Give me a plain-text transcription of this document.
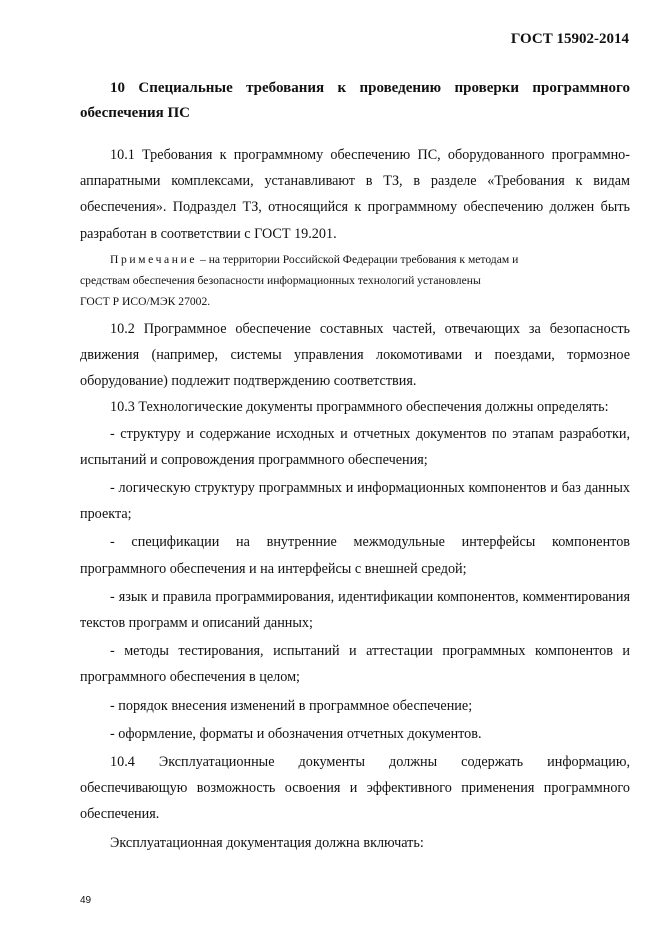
ГОСТ 15902-2014

10 Специальные требования к проведению проверки программного обеспечения ПС

10.1 Требования к программному обеспечению ПС, оборудованного программно-аппаратными комплексами, устанавливают в ТЗ, в разделе «Требования к видам обеспечения». Подраздел ТЗ, относящийся к программному обеспечению должен быть разработан в соответствии с ГОСТ 19.201.

Примечание – на территории Российской Федерации требования к методам и
средствам обеспечения безопасности информационных технологий установлены
ГОСТ Р ИСО/МЭК 27002.

10.2 Программное обеспечение составных частей, отвечающих за безопасность движения (например, системы управления локомотивами и поездами, тормозное оборудование) подлежит подтверждению соответствия.

10.3 Технологические документы программного обеспечения должны определять:

- структуру и содержание исходных и отчетных документов по этапам разработки, испытаний и сопровождения программного обеспечения;

- логическую структуру программных и информационных компонентов и баз данных проекта;

- спецификации на внутренние межмодульные интерфейсы компонентов программного обеспечения и на интерфейсы с внешней средой;

- язык и правила программирования, идентификации компонентов, комментирования текстов программ и описаний данных;

- методы тестирования, испытаний и аттестации программных компонентов и программного обеспечения в целом;

- порядок внесения изменений в программное обеспечение;

- оформление, форматы и обозначения отчетных документов.

10.4 Эксплуатационные документы должны содержать информацию, обеспечивающую возможность освоения и эффективного применения программного обеспечения.

Эксплуатационная документация должна включать:

49
